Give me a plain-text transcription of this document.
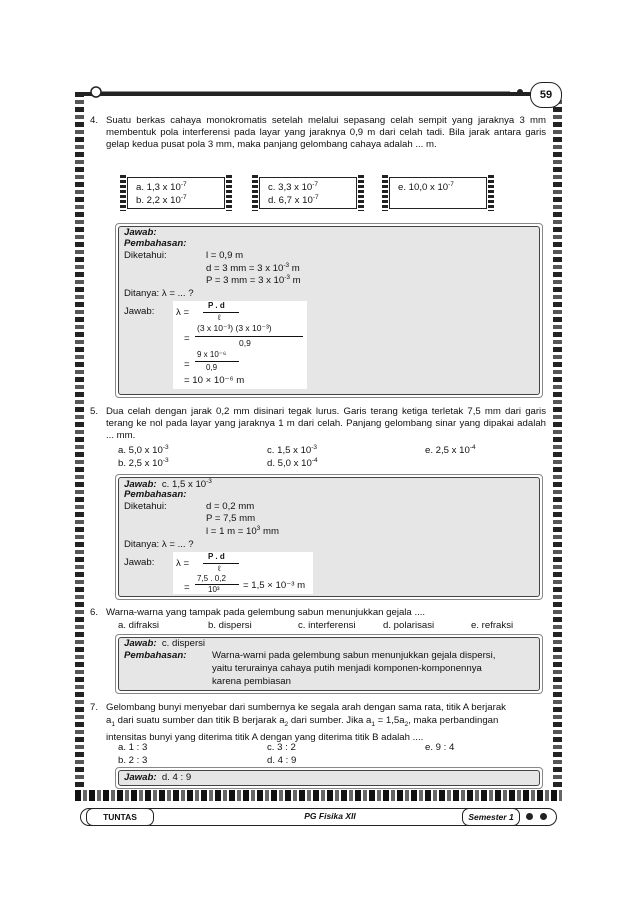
59
4. Suatu berkas cahaya monokromatis setelah melalui sepasang celah sempit yang jaraknya 3 mm membentuk pola interferensi pada layar yang jaraknya 0,9 m dari celah tadi. Bila jarak antara garis gelap kedua pusat pola 3 mm, maka panjang gelombang cahaya adalah ... m.
a. 1,3 x $10^{-7}$
b. 2,2 x $10^{-7}$
c. 3,3 x $10^{-7}$
d. 6,7 x $10^{-7}$
e. 10,0 x $10^{-7}$
Jawab:
Pembahasan:
Diketahui:	l = 0,9 m
d = 3 mm = 3 x $10^{-3}$ m
P = 3 mm = 3 x $10^{-3}$ m
Ditanya: λ = ... ?
Jawab: λ =
P . d
ℓ
=
(3 x 10⁻³) (3 x 10⁻³)
0,9
=
9 x 10⁻⁶
0,9
= 10 × 10⁻⁶ m
5. Dua celah dengan jarak 0,2 mm disinari tegak lurus. Garis terang ketiga terletak 7,5 mm dari garis terang ke nol pada layar yang jaraknya 1 m dari celah. Panjang gelombang sinar yang dipakai adalah ... mm.
a. 5,0 x $10^{-3}$
b. 2,5 x $10^{-3}$
c. 1,5 x $10^{-3}$
d. 5,0 x $10^{-4}$
e. 2,5 x $10^{-4}$
Jawab: c. 1,5 x $10^{-3}$
Pembahasan:
Diketahui:	d = 0,2 mm
P = 7,5 mm
l = 1 $m = 10^3$ mm
Ditanya: λ = ... ?
Jawab: λ =
P . d
ℓ
=
7,5 . 0,2
10³ = 1,5 × 10⁻³ m
6. Warna-warna yang tampak pada gelembung sabun menunjukkan gejala ....
a. difraksi	b. dispersi	c. interferensi	d. polarisasi	e. refraksi
Jawab: c. dispersi
Pembahasan:	Warna-warni pada gelembung sabun menunjukkan gejala dispersi,
yaitu terurainya cahaya putih menjadi komponen-komponennya
karena pembiasan
7. Gelombang bunyi menyebar dari sumbernya ke segala arah dengan sama rata, titik A berjarak
$a_1$ dari suatu sumber dan titik B berjarak $a_2$ dari sumber. Jika $a_1 = 1,5a_2$, maka perbandingan
intensitas bunyi yang diterima titik A dengan yang diterima titik B adalah ....
a. 1 : 3
b. 2 : 3
c. 3 : 2
d. 4 : 9
e. 9 : 4
Jawab: d. 4 : 9
TUNTAS	PG Fisika XII	Semester 1
